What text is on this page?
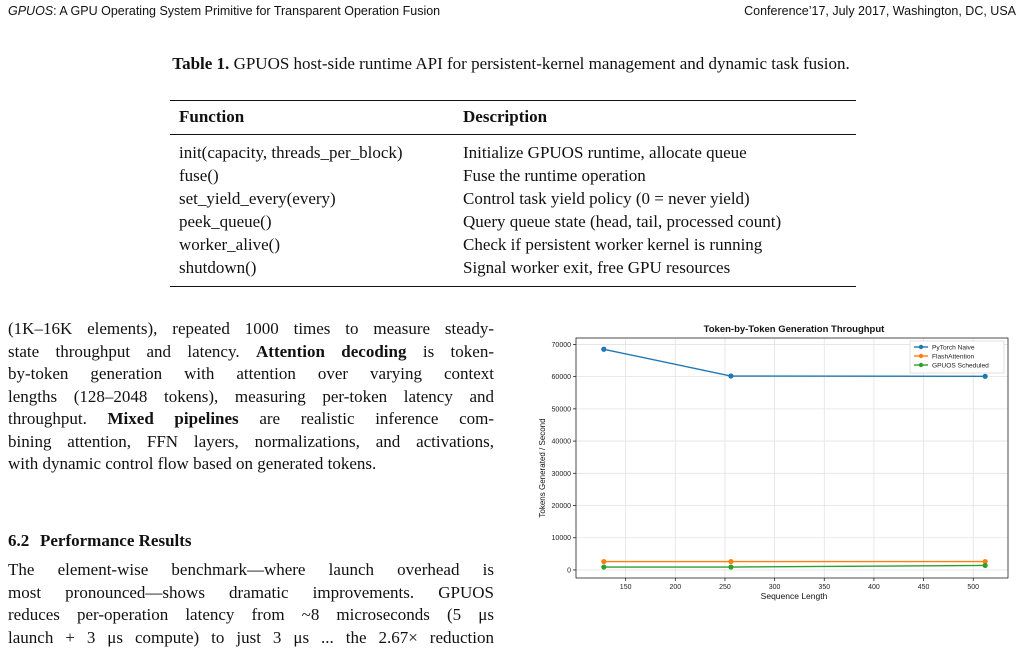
GPUOS: A GPU Operating System Primitive for Transparent Operation Fusion	Conference’17, July 2017, Washington, DC, USA
Table 1. GPUOS host-side runtime API for persistent-kernel management and dynamic task fusion.
Function	Description
init(capacity, threads_per_block)	Initialize GPUOS runtime, allocate queue
fuse()	Fuse the runtime operation
set_yield_every(every)	Control task yield policy (0 = never yield)
peek_queue()	Query queue state (head, tail, processed count)
worker_alive()	Check if persistent worker kernel is running
shutdown()	Signal worker exit, free GPU resources
(1K–16K elements), repeated 1000 times to measure steady-
state throughput and latency. Attention decoding is token-
by-token generation with attention over varying context
lengths (128–2048 tokens), measuring per-token latency and
throughput. Mixed pipelines are realistic inference com-
bining attention, FFN layers, normalizations, and activations,
with dynamic control flow based on generated tokens.
6.2 Performance Results
The element-wise benchmark—where launch overhead is
most pronounced—shows dramatic improvements. GPUOS
reduces per-operation latency from ~8 microseconds (5 μs
launch + 3 μs compute) to just 3 μs ... the 2.67× reduction
Token-by-Token Generation Throughput
Sequence Length
Tokens Generated / Second
150	200	250	300	350	400	450	500
0
10000
20000
30000
40000
50000
60000
70000	PyTorch Naive
FlashAttention
GPUOS Scheduled
